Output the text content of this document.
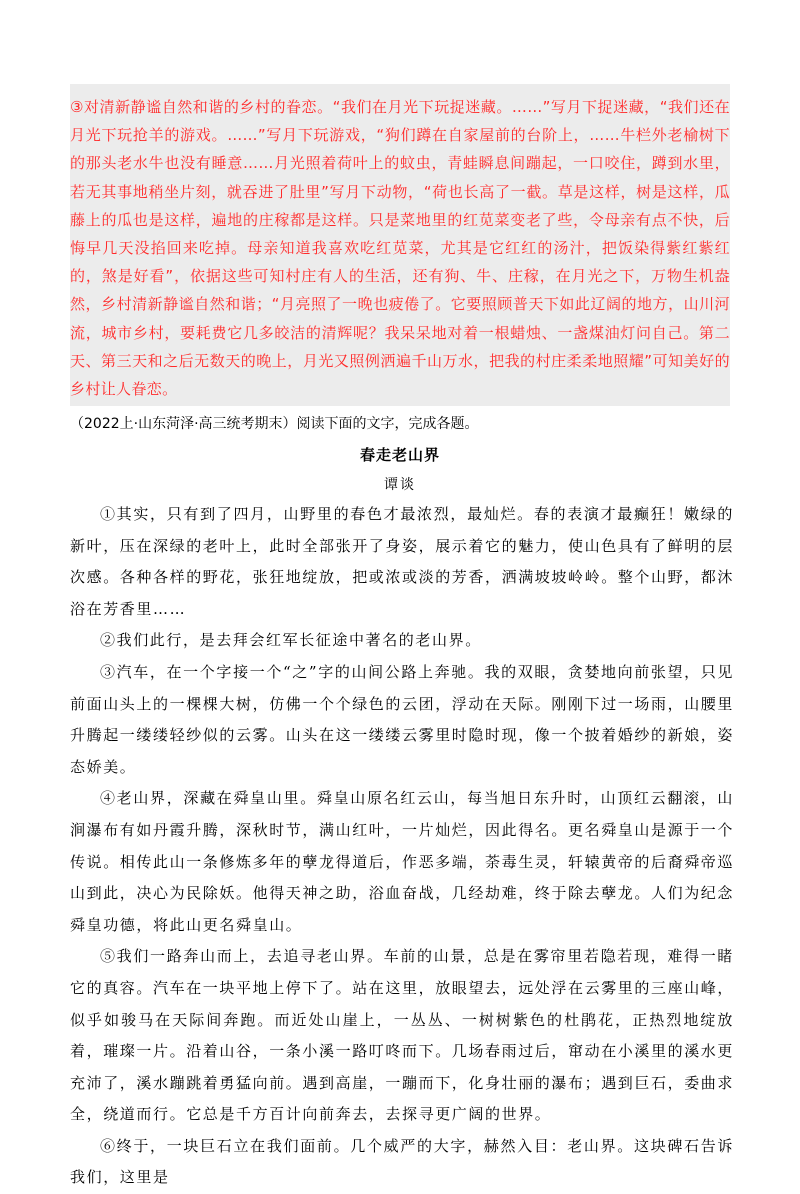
③对清新静谧自然和谐的乡村的眷恋。“我们在月光下玩捉迷藏。……”写月下捉迷藏，“我们还在月光下玩抢羊的游戏。……”写月下玩游戏，“狗们蹲在自家屋前的台阶上，……牛栏外老榆树下的那头老水牛也没有睡意……月光照着荷叶上的蚊虫，青蛙瞬息间蹦起，一口咬住，蹲到水里，若无其事地稍坐片刻，就吞进了肚里”写月下动物，“荷也长高了一截。草是这样，树是这样，瓜藤上的瓜也是这样，遍地的庄稼都是这样。只是菜地里的红苋菜变老了些，令母亲有点不快，后悔早几天没掐回来吃掉。母亲知道我喜欢吃红苋菜，尤其是它红红的汤汁，把饭染得紫红紫红的，煞是好看”，依据这些可知村庄有人的生活，还有狗、牛、庄稼，在月光之下，万物生机盎然，乡村清新静谧自然和谐；“月亮照了一晚也疲倦了。它要照顾普天下如此辽阔的地方，山川河流，城市乡村，要耗费它几多皎洁的清辉呢？我呆呆地对着一根蜡烛、一盏煤油灯问自己。第二天、第三天和之后无数天的晚上，月光又照例洒遍千山万水，把我的村庄柔柔地照耀”可知美好的乡村让人眷恋。

（2022上·山东菏泽·高三统考期末）阅读下面的文字，完成各题。

春走老山界
谭谈

①其实，只有到了四月，山野里的春色才最浓烈，最灿烂。春的表演才最癫狂！嫩绿的新叶，压在深绿的老叶上，此时全部张开了身姿，展示着它的魅力，使山色具有了鲜明的层次感。各种各样的野花，张狂地绽放，把或浓或淡的芳香，洒满坡坡岭岭。整个山野，都沐浴在芳香里……

②我们此行，是去拜会红军长征途中著名的老山界。

③汽车，在一个字接一个“之”字的山间公路上奔驰。我的双眼，贪婪地向前张望，只见前面山头上的一棵棵大树，仿佛一个个绿色的云团，浮动在天际。刚刚下过一场雨，山腰里升腾起一缕缕轻纱似的云雾。山头在这一缕缕云雾里时隐时现，像一个披着婚纱的新娘，姿态娇美。

④老山界，深藏在舜皇山里。舜皇山原名红云山，每当旭日东升时，山顶红云翻滚，山涧瀑布有如丹霞升腾，深秋时节，满山红叶，一片灿烂，因此得名。更名舜皇山是源于一个传说。相传此山一条修炼多年的孽龙得道后，作恶多端，荼毒生灵，轩辕黄帝的后裔舜帝巡山到此，决心为民除妖。他得天神之助，浴血奋战，几经劫难，终于除去孽龙。人们为纪念舜皇功德，将此山更名舜皇山。

⑤我们一路奔山而上，去追寻老山界。车前的山景，总是在雾帘里若隐若现，难得一睹它的真容。汽车在一块平地上停下了。站在这里，放眼望去，远处浮在云雾里的三座山峰，似乎如骏马在天际间奔跑。而近处山崖上，一丛丛、一树树紫色的杜鹃花，正热烈地绽放着，璀璨一片。沿着山谷，一条小溪一路叮咚而下。几场春雨过后，窜动在小溪里的溪水更充沛了，溪水蹦跳着勇猛向前。遇到高崖，一蹦而下，化身壮丽的瀑布；遇到巨石，委曲求全，绕道而行。它总是千方百计向前奔去，去探寻更广阔的世界。

⑥终于，一块巨石立在我们面前。几个威严的大字，赫然入目：老山界。这块碑石告诉我们，这里是
